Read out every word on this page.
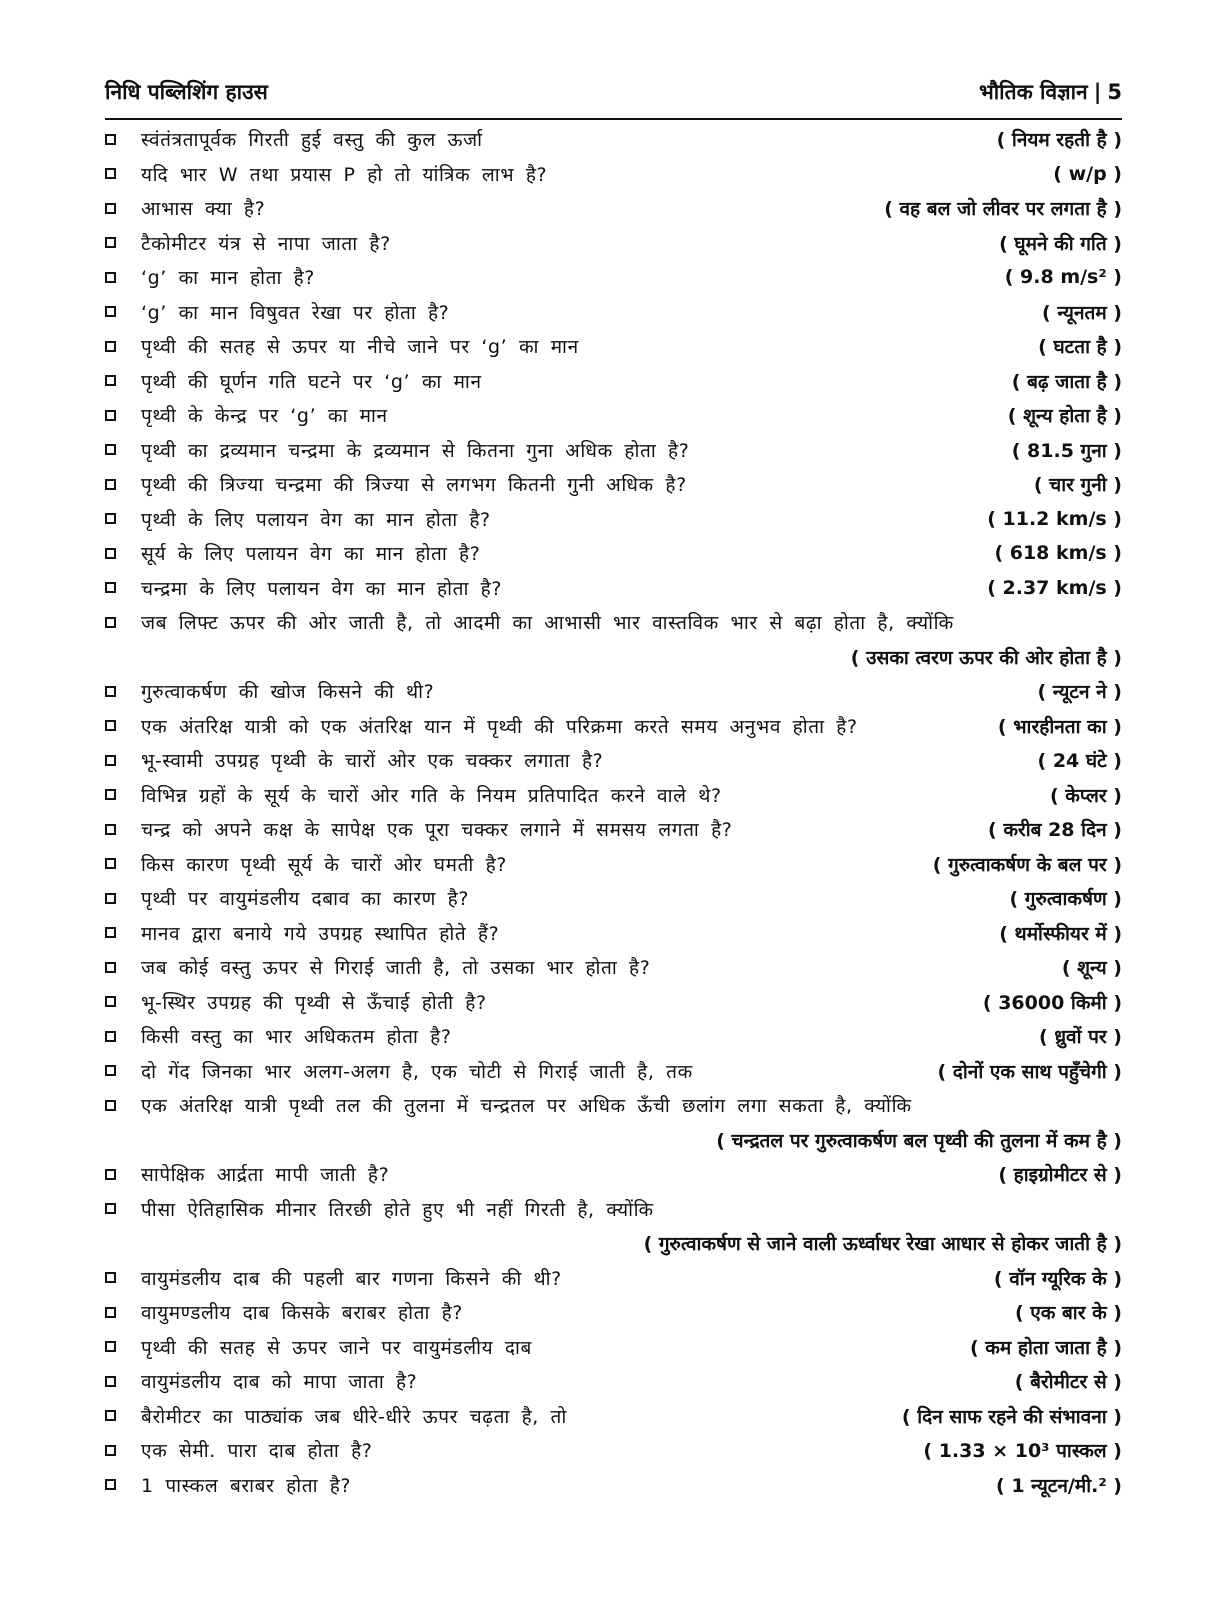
निधि पब्लिशिंग हाउस	भौतिक विज्ञान | 5
स्वंतंत्रतापूर्वक गिरती हुई वस्तु की कुल ऊर्जा	( नियम रहती है )
यदि भार W तथा प्रयास P हो तो यांत्रिक लाभ है?	( w/p )
आभास क्या है?	( वह बल जो लीवर पर लगता है )
टैकोमीटर यंत्र से नापा जाता है?	( घूमने की गति )
‘g’ का मान होता है?	( 9.8 m/s² )
‘g’ का मान विषुवत रेखा पर होता है?	( न्यूनतम )
पृथ्वी की सतह से ऊपर या नीचे जाने पर ‘g’ का मान	( घटता है )
पृथ्वी की घूर्णन गति घटने पर ‘g’ का मान	( बढ़ जाता है )
पृथ्वी के केन्द्र पर ‘g’ का मान	( शून्य होता है )
पृथ्वी का द्रव्यमान चन्द्रमा के द्रव्यमान से कितना गुना अधिक होता है?	( 81.5 गुना )
पृथ्वी की त्रिज्या चन्द्रमा की त्रिज्या से लगभग कितनी गुनी अधिक है?	( चार गुनी )
पृथ्वी के लिए पलायन वेग का मान होता है?	( 11.2 km/s )
सूर्य के लिए पलायन वेग का मान होता है?	( 618 km/s )
चन्द्रमा के लिए पलायन वेग का मान होता है?	( 2.37 km/s )
जब लिफ्ट ऊपर की ओर जाती है, तो आदमी का आभासी भार वास्तविक भार से बढ़ा होता है, क्योंकि
( उसका त्वरण ऊपर की ओर होता है )
गुरुत्वाकर्षण की खोज किसने की थी?	( न्यूटन ने )
एक अंतरिक्ष यात्री को एक अंतरिक्ष यान में पृथ्वी की परिक्रमा करते समय अनुभव होता है?	( भारहीनता का )
भू-स्वामी उपग्रह पृथ्वी के चारों ओर एक चक्कर लगाता है?	( 24 घंटे )
विभिन्न ग्रहों के सूर्य के चारों ओर गति के नियम प्रतिपादित करने वाले थे?	( केप्लर )
चन्द्र को अपने कक्ष के सापेक्ष एक पूरा चक्कर लगाने में समसय लगता है?	( करीब 28 दिन )
किस कारण पृथ्वी सूर्य के चारों ओर घमती है?	( गुरुत्वाकर्षण के बल पर )
पृथ्वी पर वायुमंडलीय दबाव का कारण है?	( गुरुत्वाकर्षण )
मानव द्वारा बनाये गये उपग्रह स्थापित होते हैं?	( थर्मोस्फीयर में )
जब कोई वस्तु ऊपर से गिराई जाती है, तो उसका भार होता है?	( शून्य )
भू-स्थिर उपग्रह की पृथ्वी से ऊँचाई होती है?	( 36000 किमी )
किसी वस्तु का भार अधिकतम होता है?	( ध्रुवों पर )
दो गेंद जिनका भार अलग-अलग है, एक चोटी से गिराई जाती है, तक	( दोनों एक साथ पहुँचेगी )
एक अंतरिक्ष यात्री पृथ्वी तल की तुलना में चन्द्रतल पर अधिक ऊँची छलांग लगा सकता है, क्योंकि
( चन्द्रतल पर गुरुत्वाकर्षण बल पृथ्वी की तुलना में कम है )
सापेक्षिक आर्द्रता मापी जाती है?	( हाइग्रोमीटर से )
पीसा ऐतिहासिक मीनार तिरछी होते हुए भी नहीं गिरती है, क्योंकि
( गुरुत्वाकर्षण से जाने वाली ऊर्ध्वाधर रेखा आधार से होकर जाती है )
वायुमंडलीय दाब की पहली बार गणना किसने की थी?	( वॉन ग्यूरिक के )
वायुमण्डलीय दाब किसके बराबर होता है?	( एक बार के )
पृथ्वी की सतह से ऊपर जाने पर वायुमंडलीय दाब	( कम होता जाता है )
वायुमंडलीय दाब को मापा जाता है?	( बैरोमीटर से )
बैरोमीटर का पाठ्यांक जब धीरे-धीरे ऊपर चढ़ता है, तो	( दिन साफ रहने की संभावना )
एक सेमी. पारा दाब होता है?	( 1.33 × 10³ पास्कल )
1 पास्कल बराबर होता है?	( 1 न्यूटन/मी.² )
